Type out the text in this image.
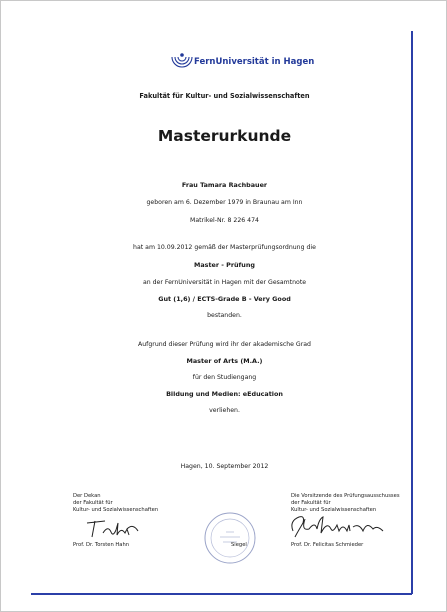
FernUniversität in Hagen
Fakultät für Kultur- und Sozialwissenschaften
Masterurkunde
Frau Tamara Rachbauer
geboren am 6. Dezember 1979 in Braunau am Inn
Matrikel-Nr. 8 226 474
hat am 10.09.2012 gemäß der Masterprüfungsordnung die
Master - Prüfung
an der FernUniversität in Hagen mit der Gesamtnote
Gut (1,6) / ECTS-Grade B - Very Good
bestanden.
Aufgrund dieser Prüfung wird ihr der akademische Grad
Master of Arts (M.A.)
für den Studiengang
Bildung und Medien: eEducation
verliehen.
Hagen, 10. September 2012
Der Dekan
der Fakultät für
Kultur- und Sozialwissenschaften
Prof. Dr. Torsten Hahn	Siegel
Die Vorsitzende des Prüfungsausschusses
der Fakultät für
Kultur- und Sozialwissenschaften
Prof. Dr. Felicitas Schmieder
